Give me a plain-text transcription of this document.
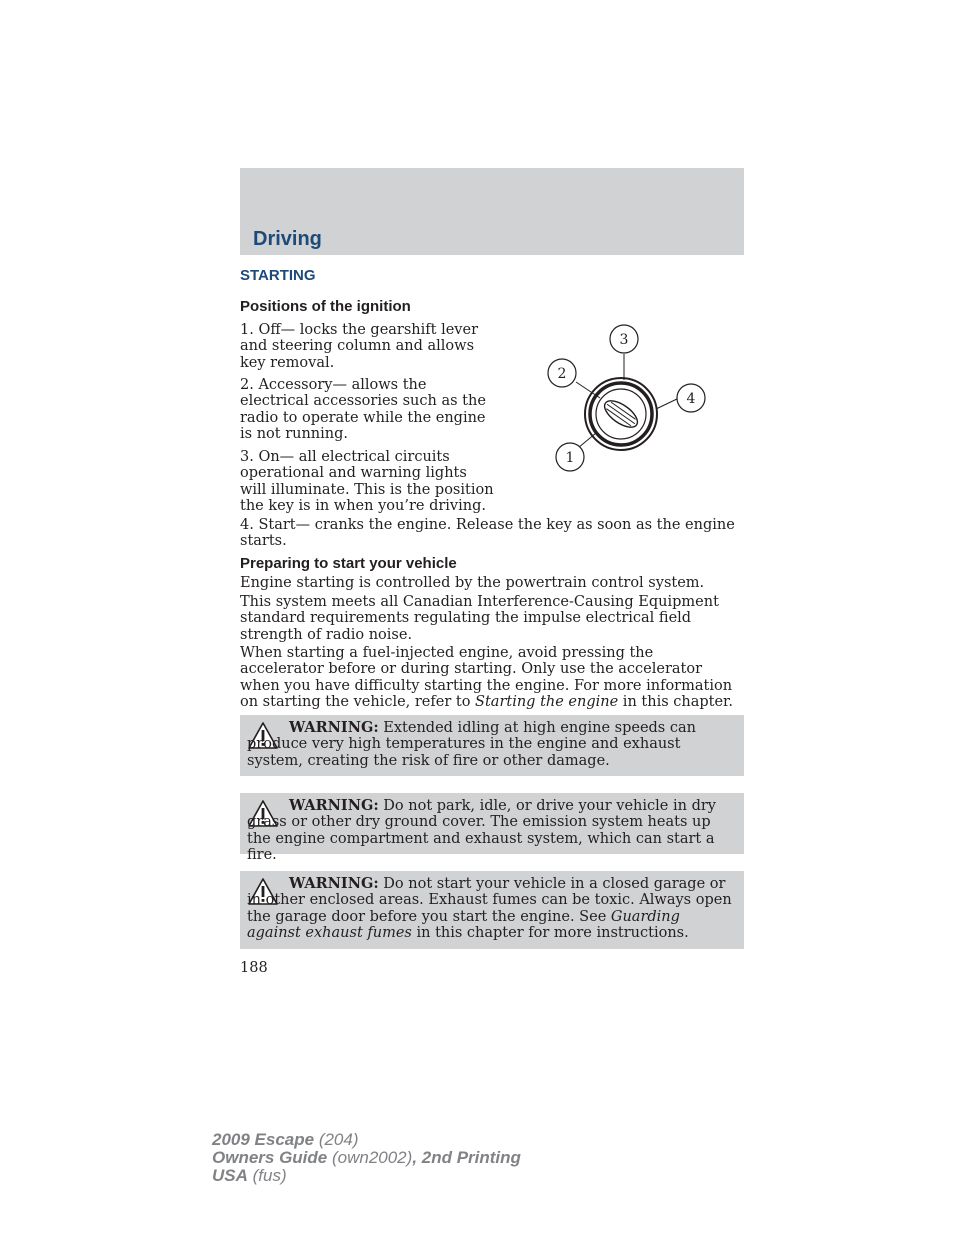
Driving
STARTING
Positions of the ignition

1. Off— locks the gearshift lever and steering column and allows key removal.

2. Accessory— allows the electrical accessories such as the radio to operate while the engine is not running.

3. On— all electrical circuits operational and warning lights will illuminate. This is the position the key is in when you’re driving.

4. Start— cranks the engine. Release the key as soon as the engine starts.

1
2
3
4
Preparing to start your vehicle

Engine starting is controlled by the powertrain control system.

This system meets all Canadian Interference-Causing Equipment standard requirements regulating the impulse electrical field strength of radio noise.

When starting a fuel-injected engine, avoid pressing the accelerator before or during starting. Only use the accelerator when you have difficulty starting the engine. For more information on starting the vehicle, refer to Starting the engine in this chapter.

WARNING: Extended idling at high engine speeds can produce very high temperatures in the engine and exhaust system, creating the risk of fire or other damage.

WARNING: Do not park, idle, or drive your vehicle in dry grass or other dry ground cover. The emission system heats up the engine compartment and exhaust system, which can start a fire.

WARNING: Do not start your vehicle in a closed garage or in other enclosed areas. Exhaust fumes can be toxic. Always open the garage door before you start the engine. See Guarding against exhaust fumes in this chapter for more instructions.

188

2009 Escape (204)
Owners Guide (own2002), 2nd Printing
USA (fus)
